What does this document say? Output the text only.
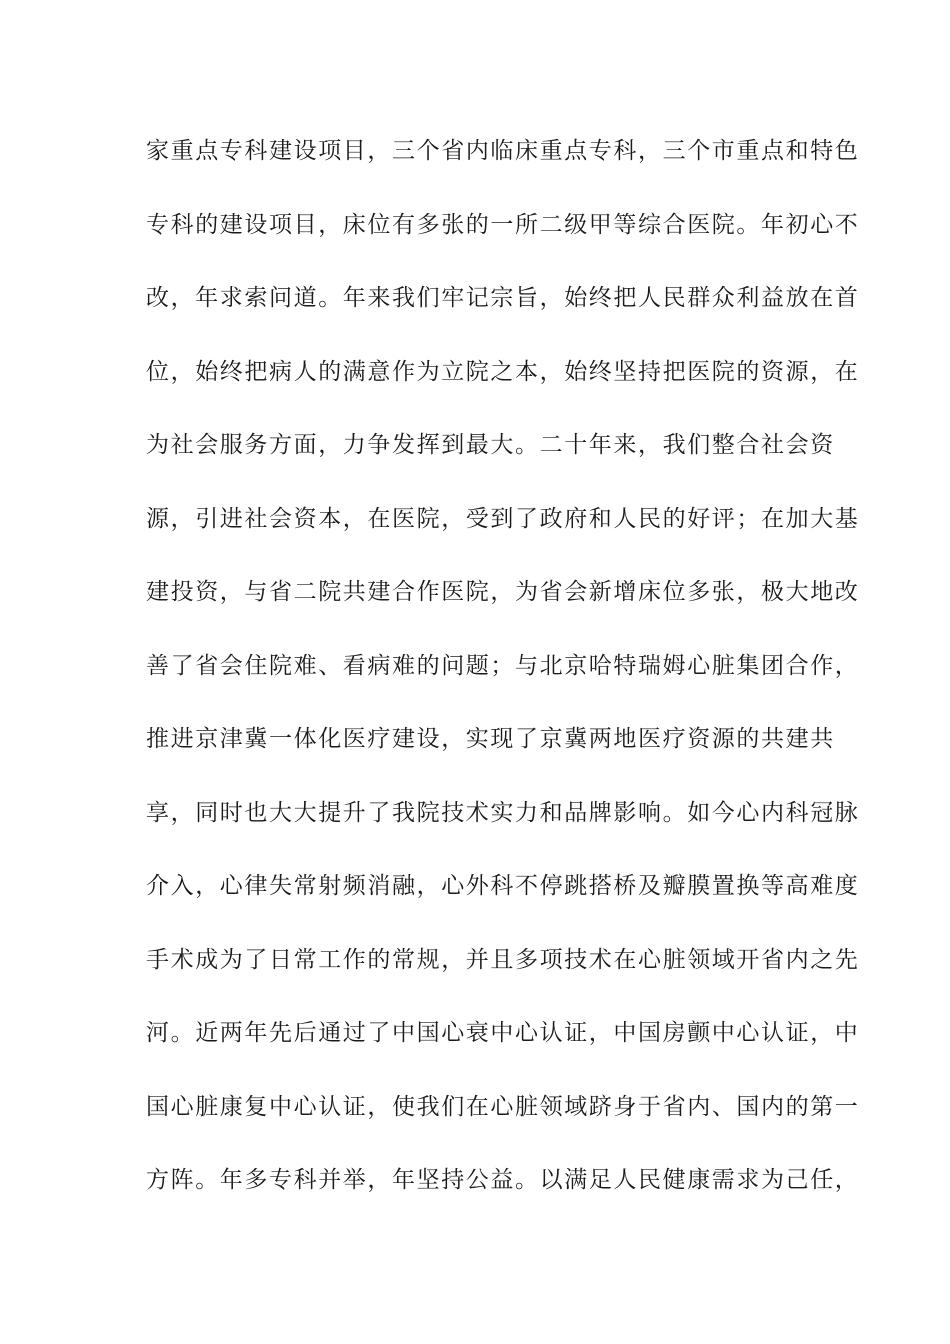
家重点专科建设项目，三个省内临床重点专科，三个市重点和特色
专科的建设项目，床位有多张的一所二级甲等综合医院。年初心不
改，年求索问道。年来我们牢记宗旨，始终把人民群众利益放在首
位，始终把病人的满意作为立院之本，始终坚持把医院的资源，在
为社会服务方面，力争发挥到最大。二十年来，我们整合社会资
源，引进社会资本，在医院，受到了政府和人民的好评；在加大基
建投资，与省二院共建合作医院，为省会新增床位多张，极大地改
善了省会住院难、看病难的问题；与北京哈特瑞姆心脏集团合作，
推进京津冀一体化医疗建设，实现了京冀两地医疗资源的共建共
享，同时也大大提升了我院技术实力和品牌影响。如今心内科冠脉
介入，心律失常射频消融，心外科不停跳搭桥及瓣膜置换等高难度
手术成为了日常工作的常规，并且多项技术在心脏领域开省内之先
河。近两年先后通过了中国心衰中心认证，中国房颤中心认证，中
国心脏康复中心认证，使我们在心脏领域跻身于省内、国内的第一
方阵。年多专科并举，年坚持公益。以满足人民健康需求为己任，
